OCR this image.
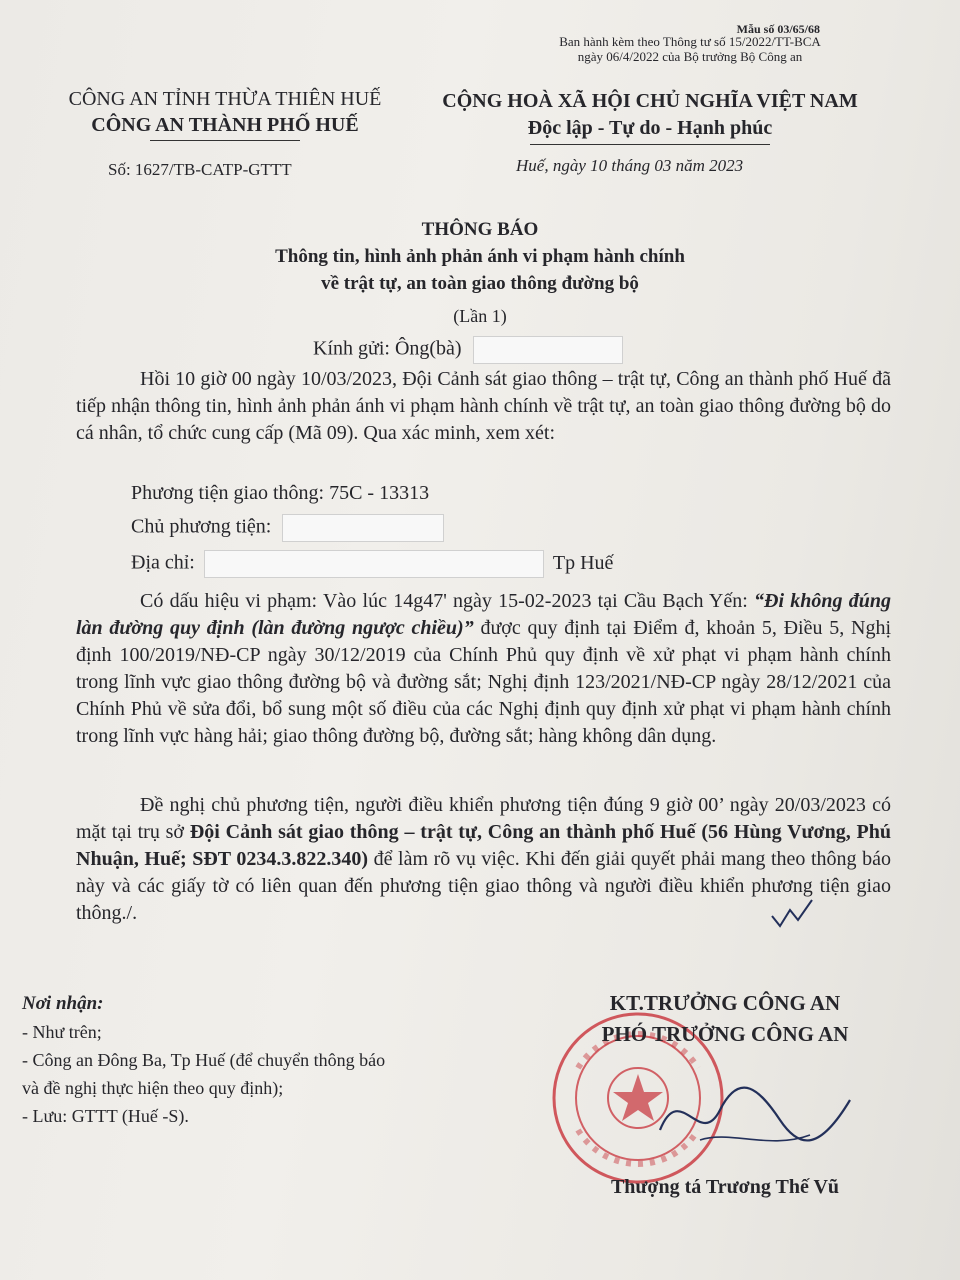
Mẫu số 03/65/68
Ban hành kèm theo Thông tư số 15/2022/TT-BCA
ngày 06/4/2022 của Bộ trưởng Bộ Công an
CÔNG AN TỈNH THỪA THIÊN HUẾ
CÔNG AN THÀNH PHỐ HUẾ
CỘNG HOÀ XÃ HỘI CHỦ NGHĨA VIỆT NAM
Độc lập - Tự do - Hạnh phúc
Số: 1627/TB-CATP-GTTT	Huế, ngày 10 tháng 03 năm 2023
THÔNG BÁO
Thông tin, hình ảnh phản ánh vi phạm hành chính
về trật tự, an toàn giao thông đường bộ
(Lần 1)
Kính gửi: Ông(bà)

Hồi 10 giờ 00 ngày 10/03/2023, Đội Cảnh sát giao thông – trật tự, Công an thành phố Huế đã tiếp nhận thông tin, hình ảnh phản ánh vi phạm hành chính về trật tự, an toàn giao thông đường bộ do cá nhân, tổ chức cung cấp (Mã 09). Qua xác minh, xem xét:

Phương tiện giao thông: 75C - 13313
Chủ phương tiện:
Địa chỉ:	Tp Huế

Có dấu hiệu vi phạm: Vào lúc 14g47' ngày 15-02-2023 tại Cầu Bạch Yến: “Đi không đúng làn đường quy định (làn đường ngược chiều)” được quy định tại Điểm đ, khoản 5, Điều 5, Nghị định 100/2019/NĐ-CP ngày 30/12/2019 của Chính Phủ quy định về xử phạt vi phạm hành chính trong lĩnh vực giao thông đường bộ và đường sắt; Nghị định 123/2021/NĐ-CP ngày 28/12/2021 của Chính Phủ về sửa đổi, bổ sung một số điều của các Nghị định quy định xử phạt vi phạm hành chính trong lĩnh vực hàng hải; giao thông đường bộ, đường sắt; hàng không dân dụng.

Đề nghị chủ phương tiện, người điều khiển phương tiện đúng 9 giờ 00’ ngày 20/03/2023 có mặt tại trụ sở Đội Cảnh sát giao thông – trật tự, Công an thành phố Huế (56 Hùng Vương, Phú Nhuận, Huế; SĐT 0234.3.822.340) để làm rõ vụ việc. Khi đến giải quyết phải mang theo thông báo này và các giấy tờ có liên quan đến phương tiện giao thông và người điều khiển phương tiện giao thông./.

Nơi nhận:
- Như trên;
- Công an Đông Ba, Tp Huế (để chuyển thông báo
và đề nghị thực hiện theo quy định);
- Lưu: GTTT (Huế -S).
KT.TRƯỞNG CÔNG AN
PHÓ TRƯỞNG CÔNG AN
Thượng tá Trương Thế Vũ
